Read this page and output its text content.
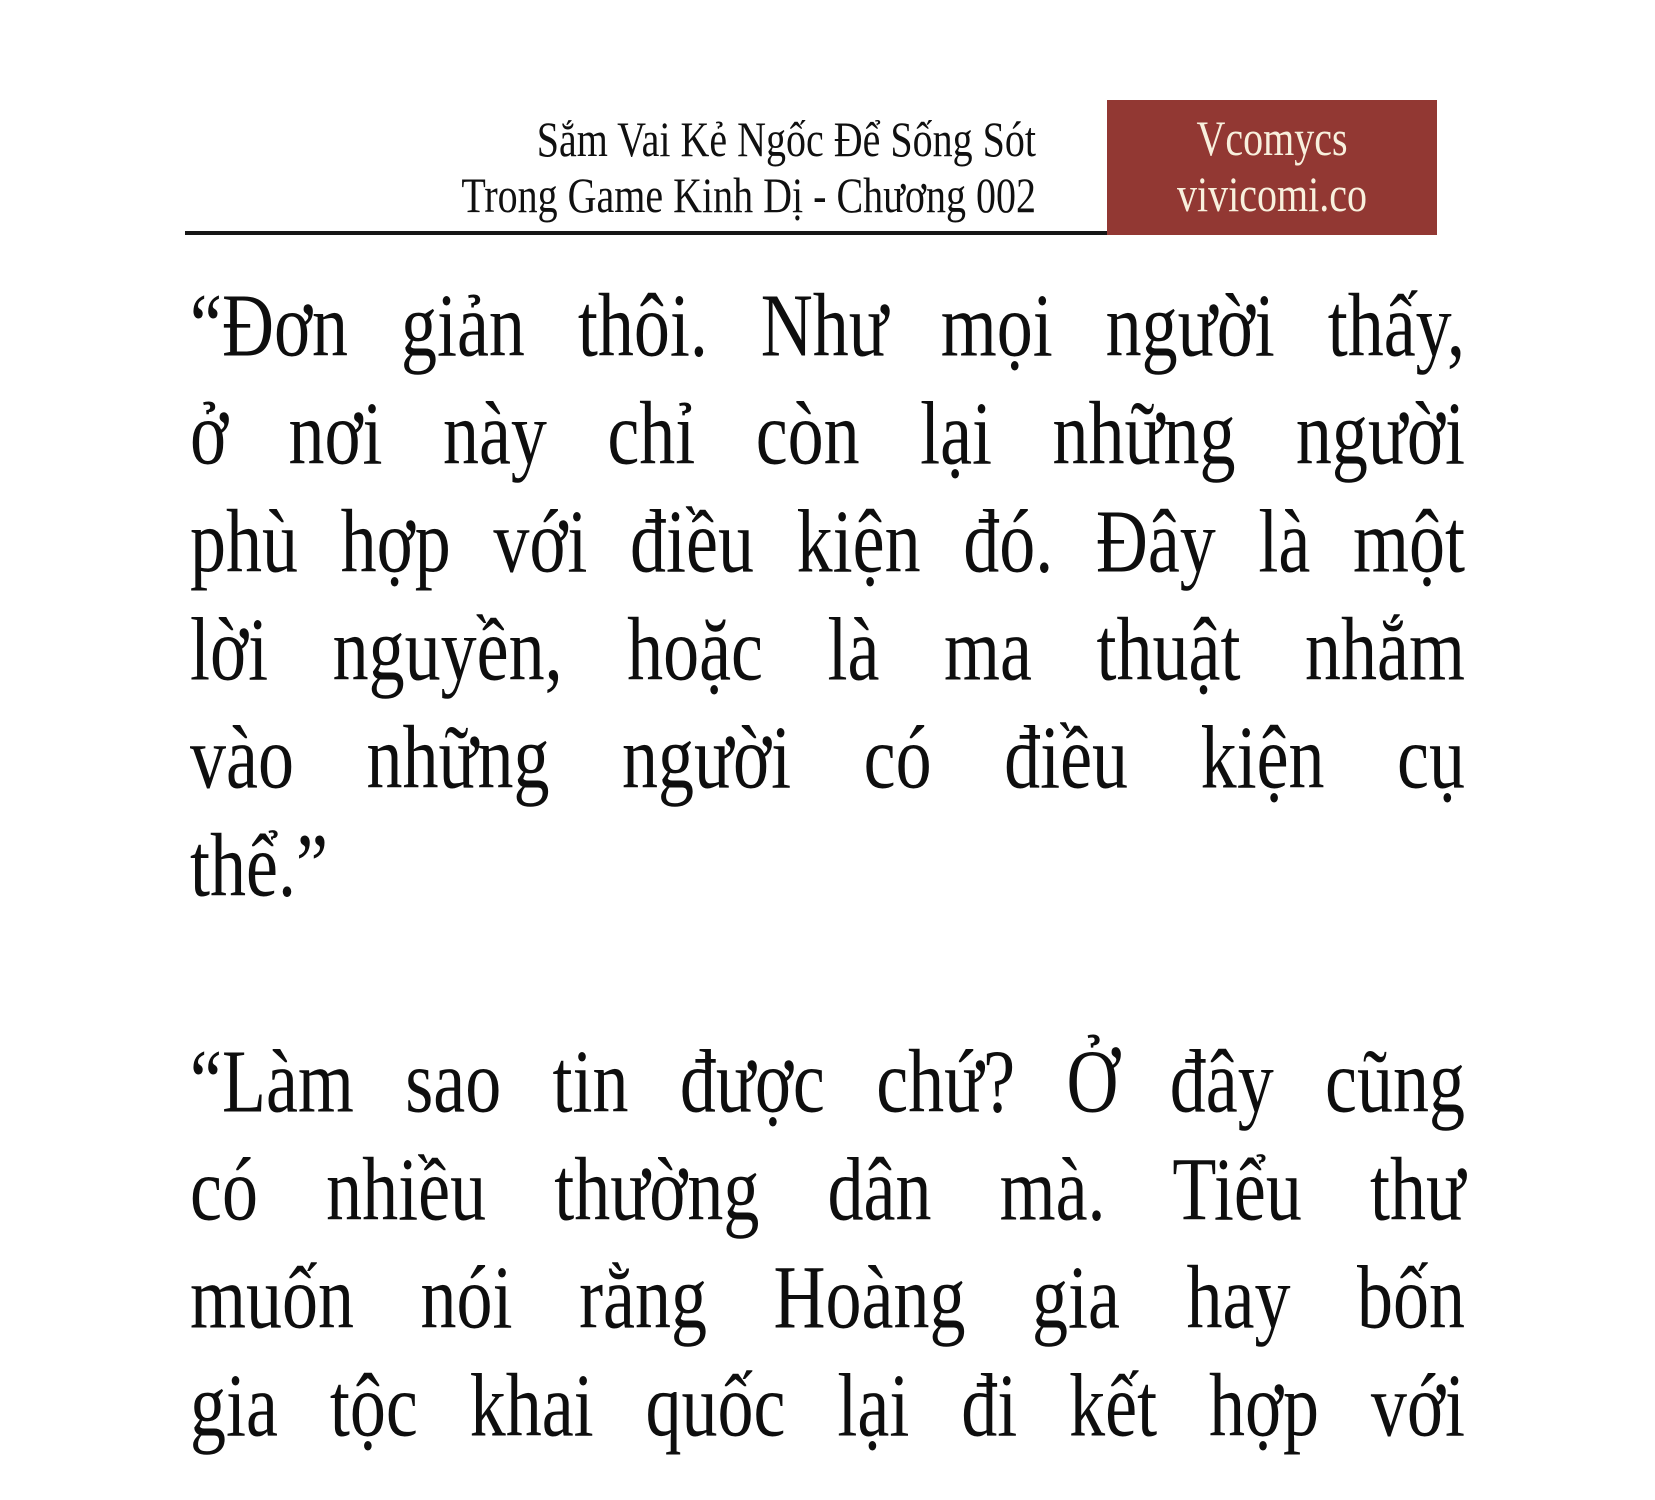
Sắm Vai Kẻ Ngốc Để Sống Sót
Trong Game Kinh Dị - Chương 002
Vcomycs
vivicomi.co
“Đơn giản thôi. Như mọi người thấy,
ở nơi này chỉ còn lại những người
phù hợp với điều kiện đó. Đây là một
lời nguyền, hoặc là ma thuật nhắm
vào những người có điều kiện cụ
thể.”
“Làm sao tin được chứ? Ở đây cũng
có nhiều thường dân mà. Tiểu thư
muốn nói rằng Hoàng gia hay bốn
gia tộc khai quốc lại đi kết hợp với
